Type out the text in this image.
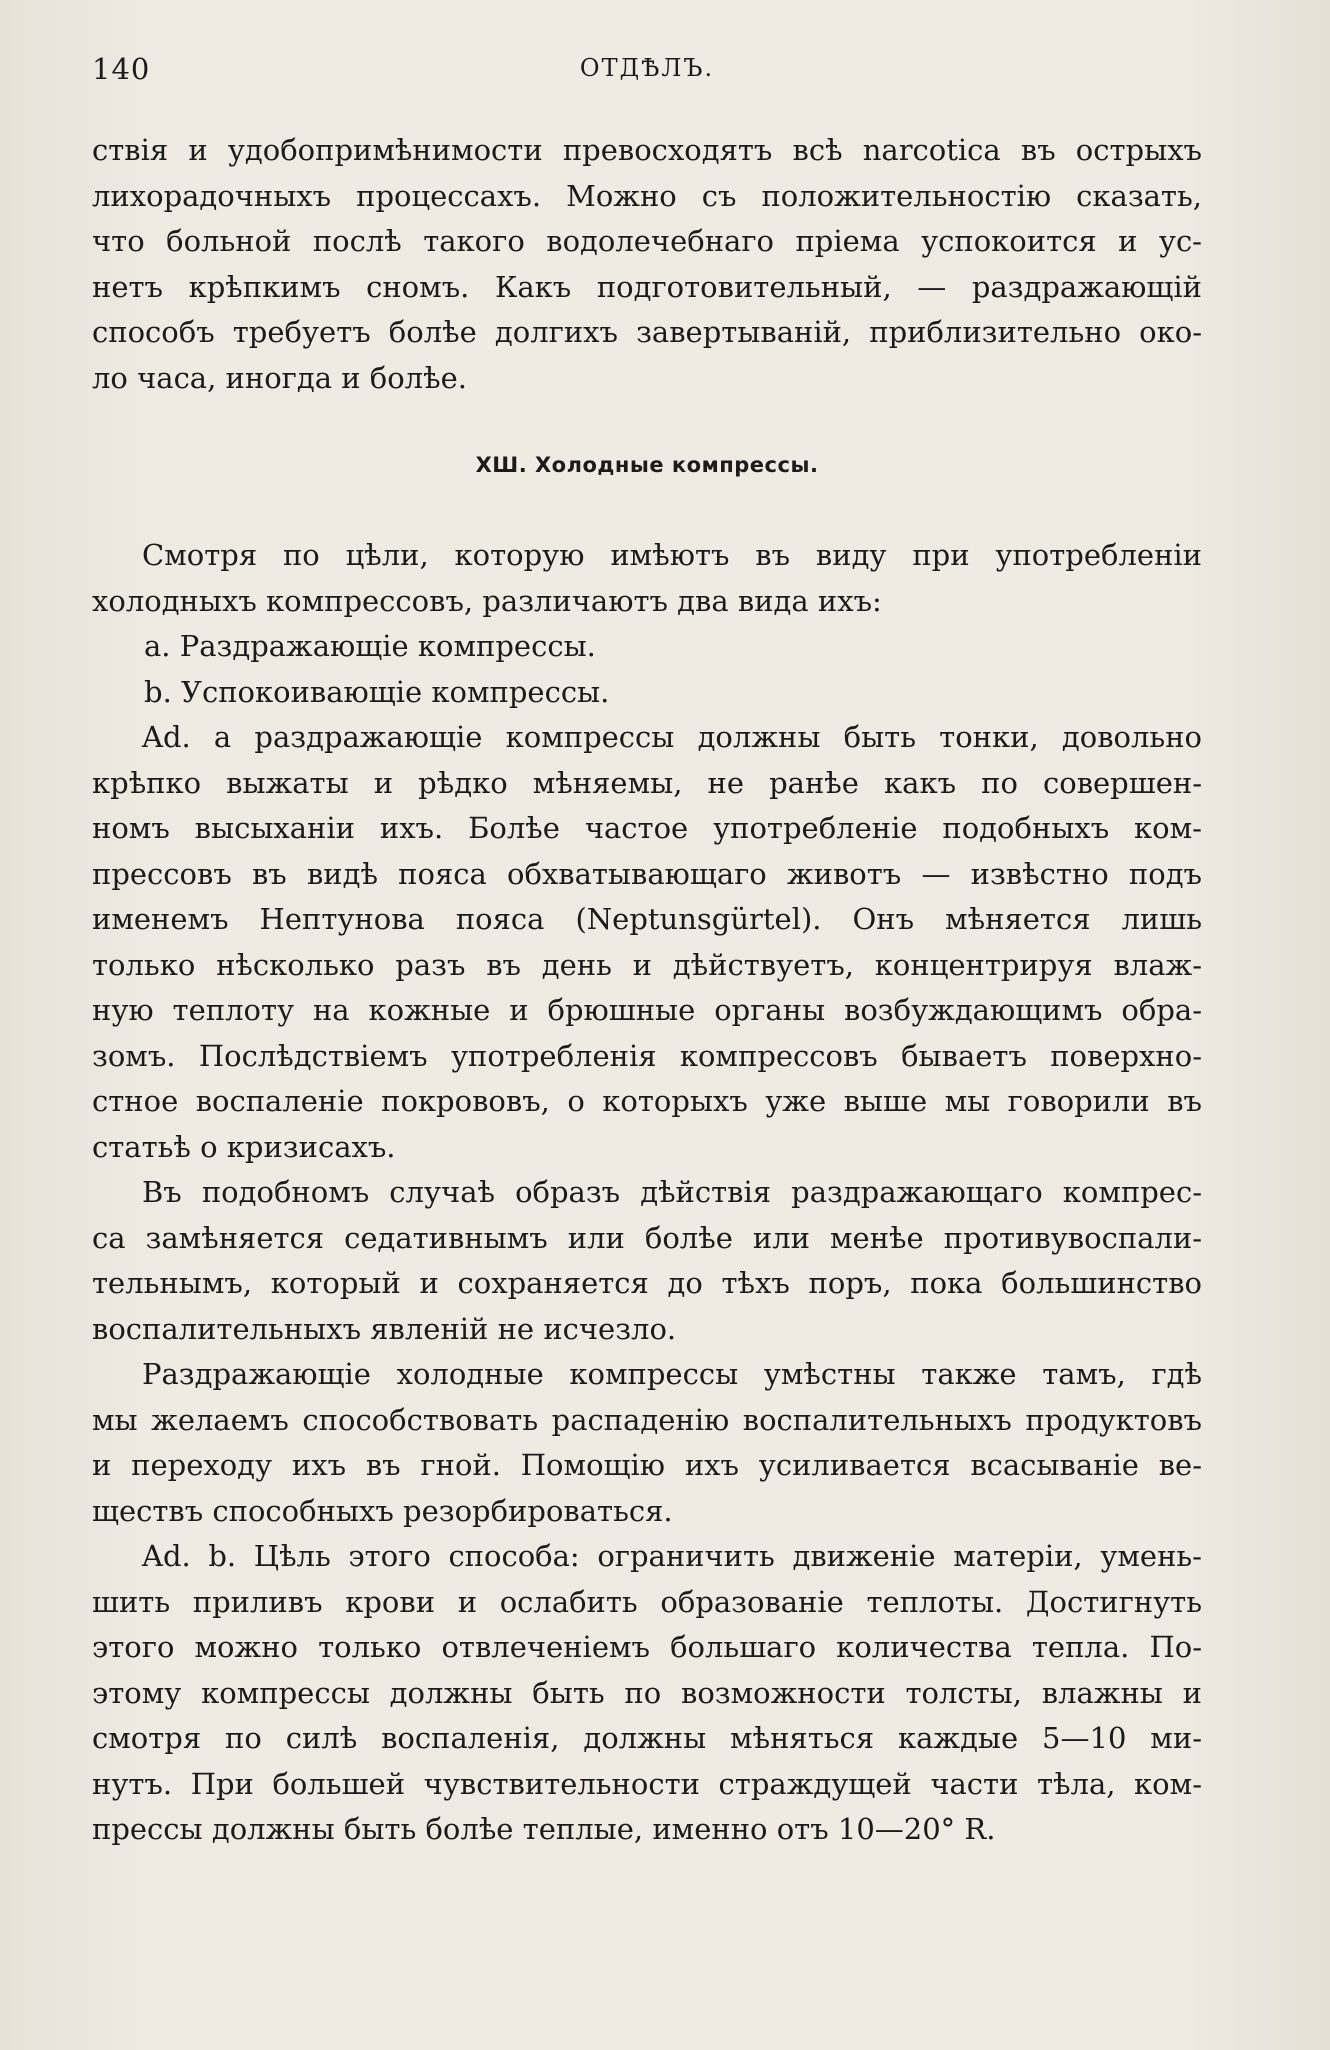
140	ОТДѢЛЪ.
ствія и удобопримѣнимости превосходятъ всѣ narcotica въ острыхъ
лихорадочныхъ процессахъ. Можно съ положительностію сказать,
что больной послѣ такого водолечебнаго пріема успокоится и ус-
нетъ крѣпкимъ сномъ. Какъ подготовительный, — раздражающій
способъ требуетъ болѣе долгихъ завертываній, приблизительно око-
ло часа, иногда и болѣе.
ХШ. Холодные компрессы.
Смотря по цѣли, которую имѣютъ въ виду при употребленіи
холодныхъ компрессовъ, различаютъ два вида ихъ:
a. Раздражающіе компрессы.
b. Успокоивающіе компрессы.
Ad. a раздражающіе компрессы должны быть тонки, довольно
крѣпко выжаты и рѣдко мѣняемы, не ранѣе какъ по совершен-
номъ высыханіи ихъ. Болѣе частое употребленіе подобныхъ ком-
прессовъ въ видѣ пояса обхватывающаго животъ — извѣстно подъ
именемъ Нептунова пояса (Neptunsgürtel). Онъ мѣняется лишь
только нѣсколько разъ въ день и дѣйствуетъ, концентрируя влаж-
ную теплоту на кожные и брюшные органы возбуждающимъ обра-
зомъ. Послѣдствіемъ употребленія компрессовъ бываетъ поверхно-
стное воспаленіе покрововъ, о которыхъ уже выше мы говорили въ
статьѣ о кризисахъ.
Въ подобномъ случаѣ образъ дѣйствія раздражающаго компрес-
са замѣняется седативнымъ или болѣе или менѣе противувоспали-
тельнымъ, который и сохраняется до тѣхъ поръ, пока большинство
воспалительныхъ явленій не исчезло.
Раздражающіе холодные компрессы умѣстны также тамъ, гдѣ
мы желаемъ способствовать распаденію воспалительныхъ продуктовъ
и переходу ихъ въ гной. Помощію ихъ усиливается всасываніе ве-
ществъ способныхъ резорбироваться.
Ad. b. Цѣль этого способа: ограничить движеніе матеріи, умень-
шить приливъ крови и ослабить образованіе теплоты. Достигнуть
этого можно только отвлеченіемъ большаго количества тепла. По-
этому компрессы должны быть по возможности толсты, влажны и
смотря по силѣ воспаленія, должны мѣняться каждые 5—10 ми-
нутъ. При большей чувствительности страждущей части тѣла, ком-
прессы должны быть болѣе теплые, именно отъ 10—20° R.
